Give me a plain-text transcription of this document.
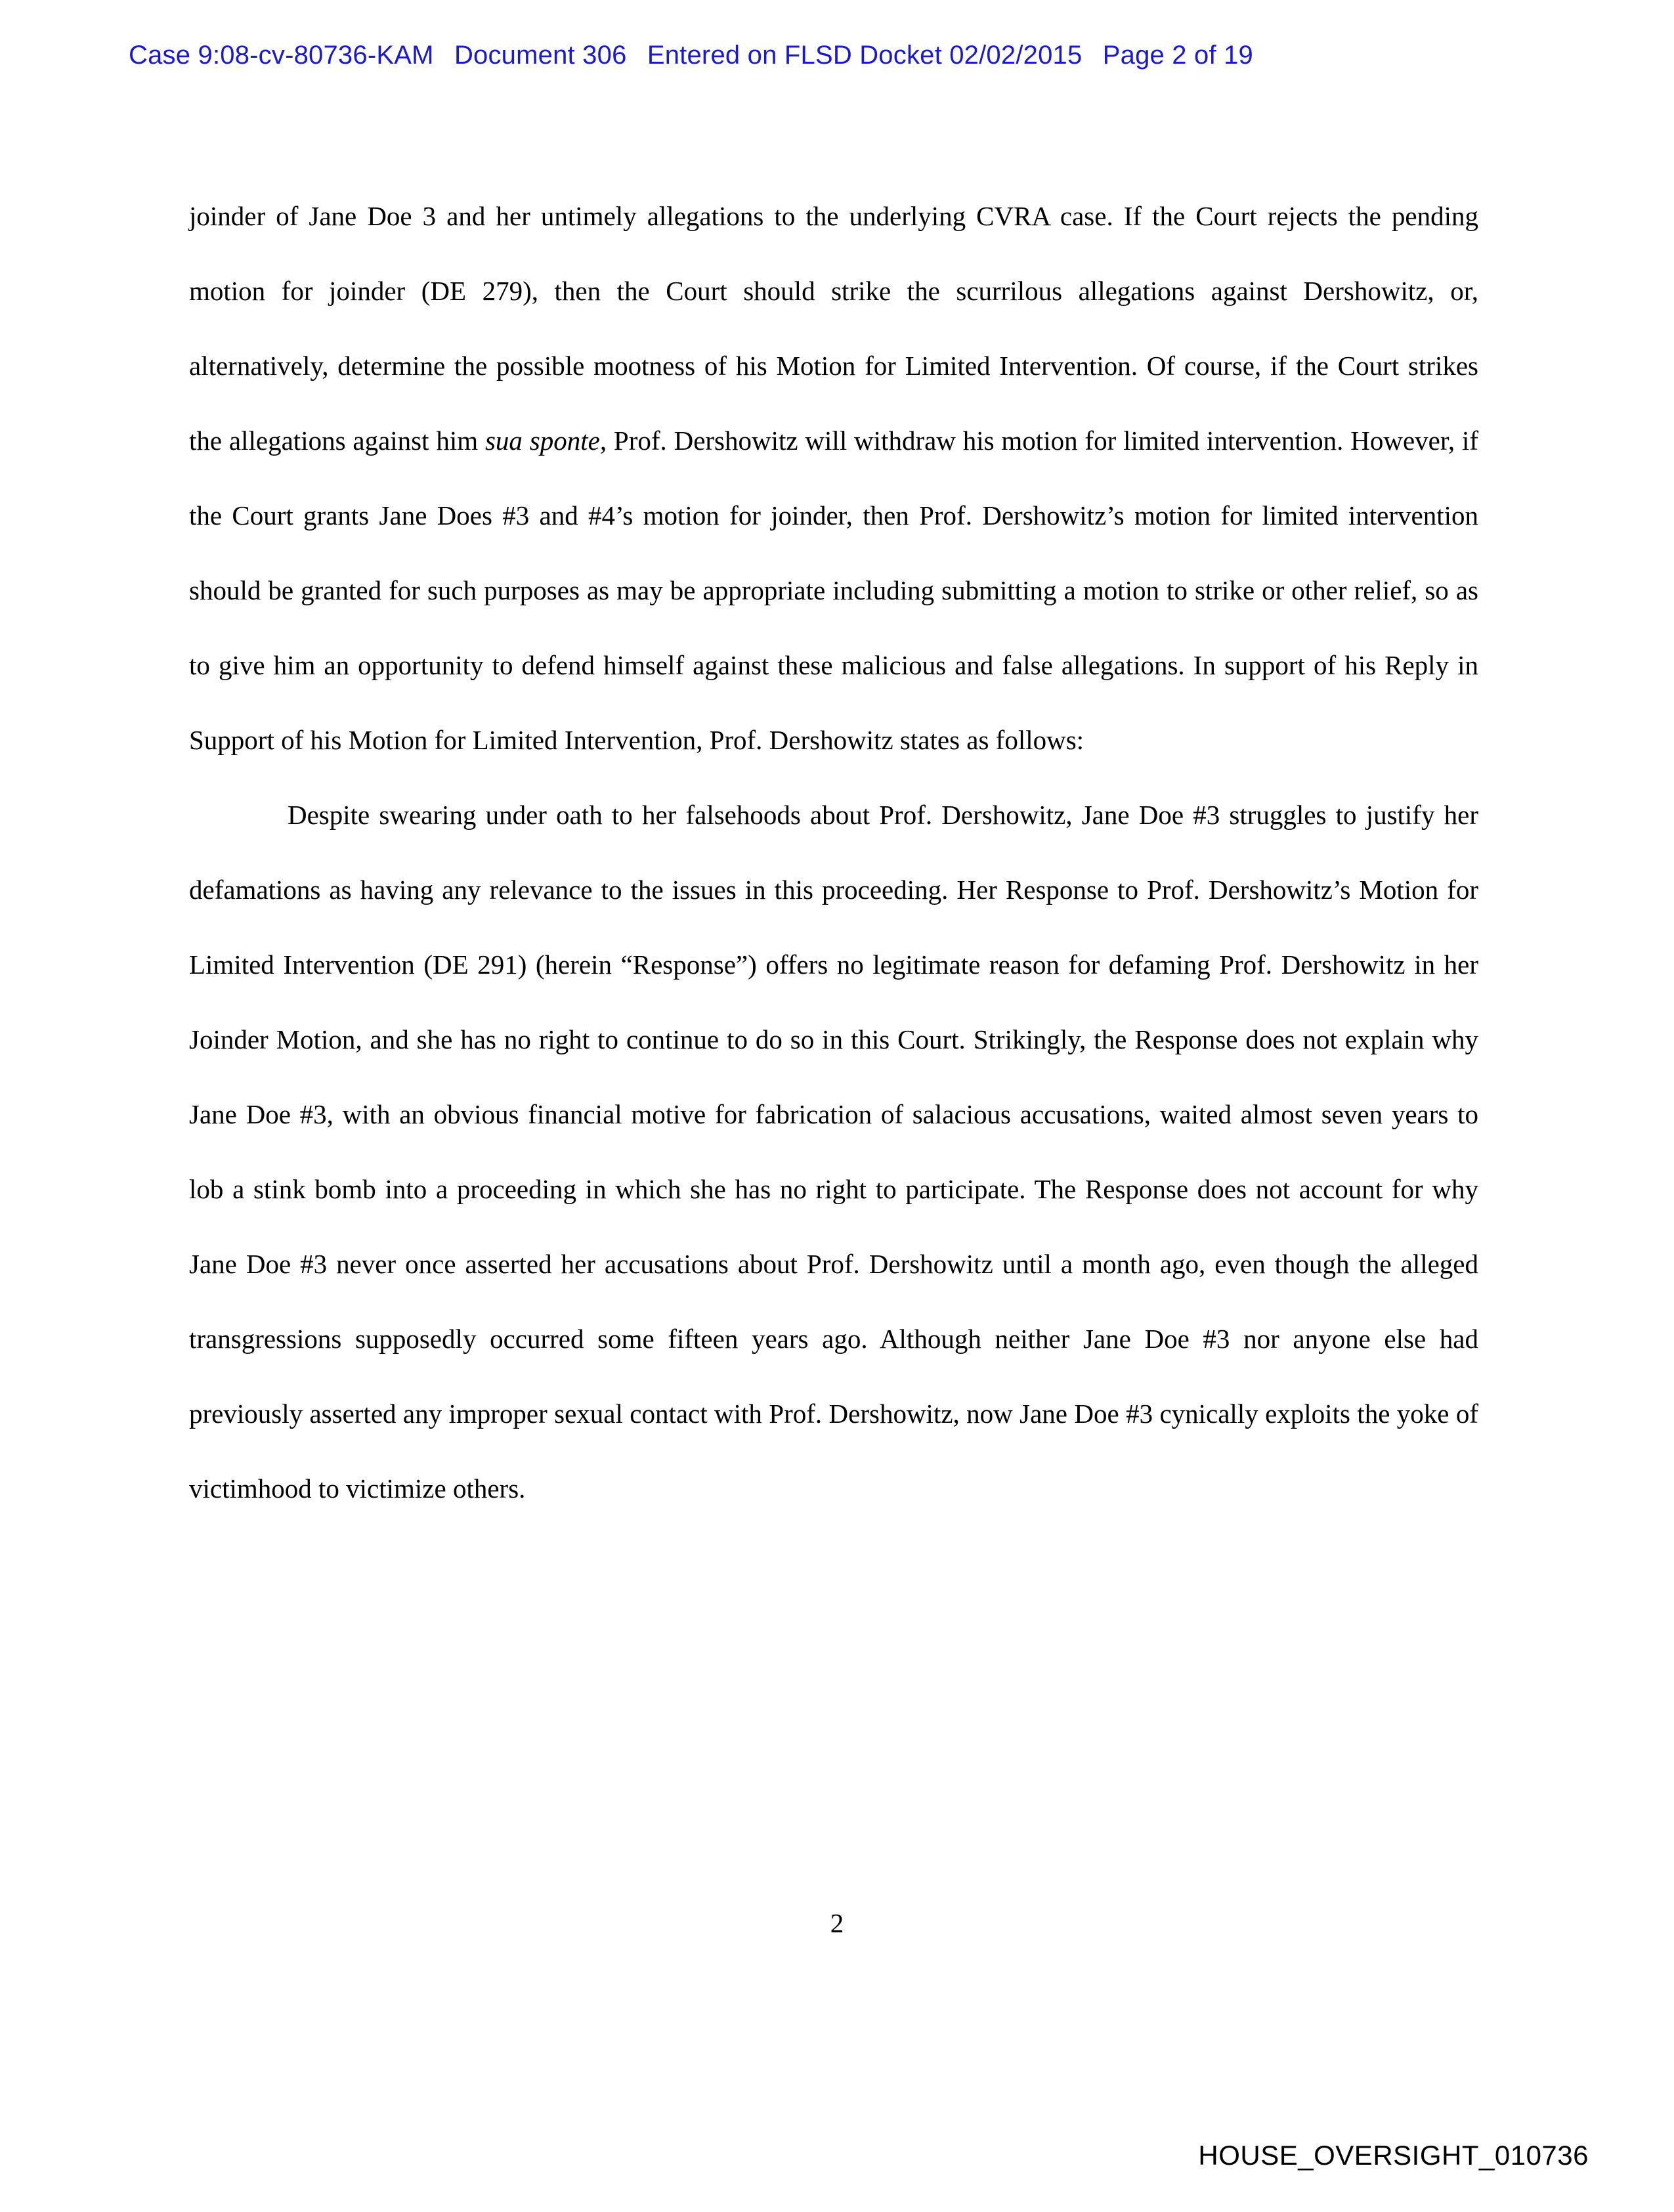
Case 9:08-cv-80736-KAM Document 306 Entered on FLSD Docket 02/02/2015 Page 2 of 19

joinder of Jane Doe 3 and her untimely allegations to the underlying CVRA case. If the Court rejects the pending motion for joinder (DE 279), then the Court should strike the scurrilous allegations against Dershowitz, or, alternatively, determine the possible mootness of his Motion for Limited Intervention. Of course, if the Court strikes the allegations against him sua sponte, Prof. Dershowitz will withdraw his motion for limited intervention. However, if the Court grants Jane Does #3 and #4’s motion for joinder, then Prof. Dershowitz’s motion for limited intervention should be granted for such purposes as may be appropriate including submitting a motion to strike or other relief, so as to give him an opportunity to defend himself against these malicious and false allegations. In support of his Reply in Support of his Motion for Limited Intervention, Prof. Dershowitz states as follows:

Despite swearing under oath to her falsehoods about Prof. Dershowitz, Jane Doe #3 struggles to justify her defamations as having any relevance to the issues in this proceeding. Her Response to Prof. Dershowitz’s Motion for Limited Intervention (DE 291) (herein “Response”) offers no legitimate reason for defaming Prof. Dershowitz in her Joinder Motion, and she has no right to continue to do so in this Court. Strikingly, the Response does not explain why Jane Doe #3, with an obvious financial motive for fabrication of salacious accusations, waited almost seven years to lob a stink bomb into a proceeding in which she has no right to participate. The Response does not account for why Jane Doe #3 never once asserted her accusations about Prof. Dershowitz until a month ago, even though the alleged transgressions supposedly occurred some fifteen years ago. Although neither Jane Doe #3 nor anyone else had previously asserted any improper sexual contact with Prof. Dershowitz, now Jane Doe #3 cynically exploits the yoke of victimhood to victimize others.

2
HOUSE_OVERSIGHT_010736
